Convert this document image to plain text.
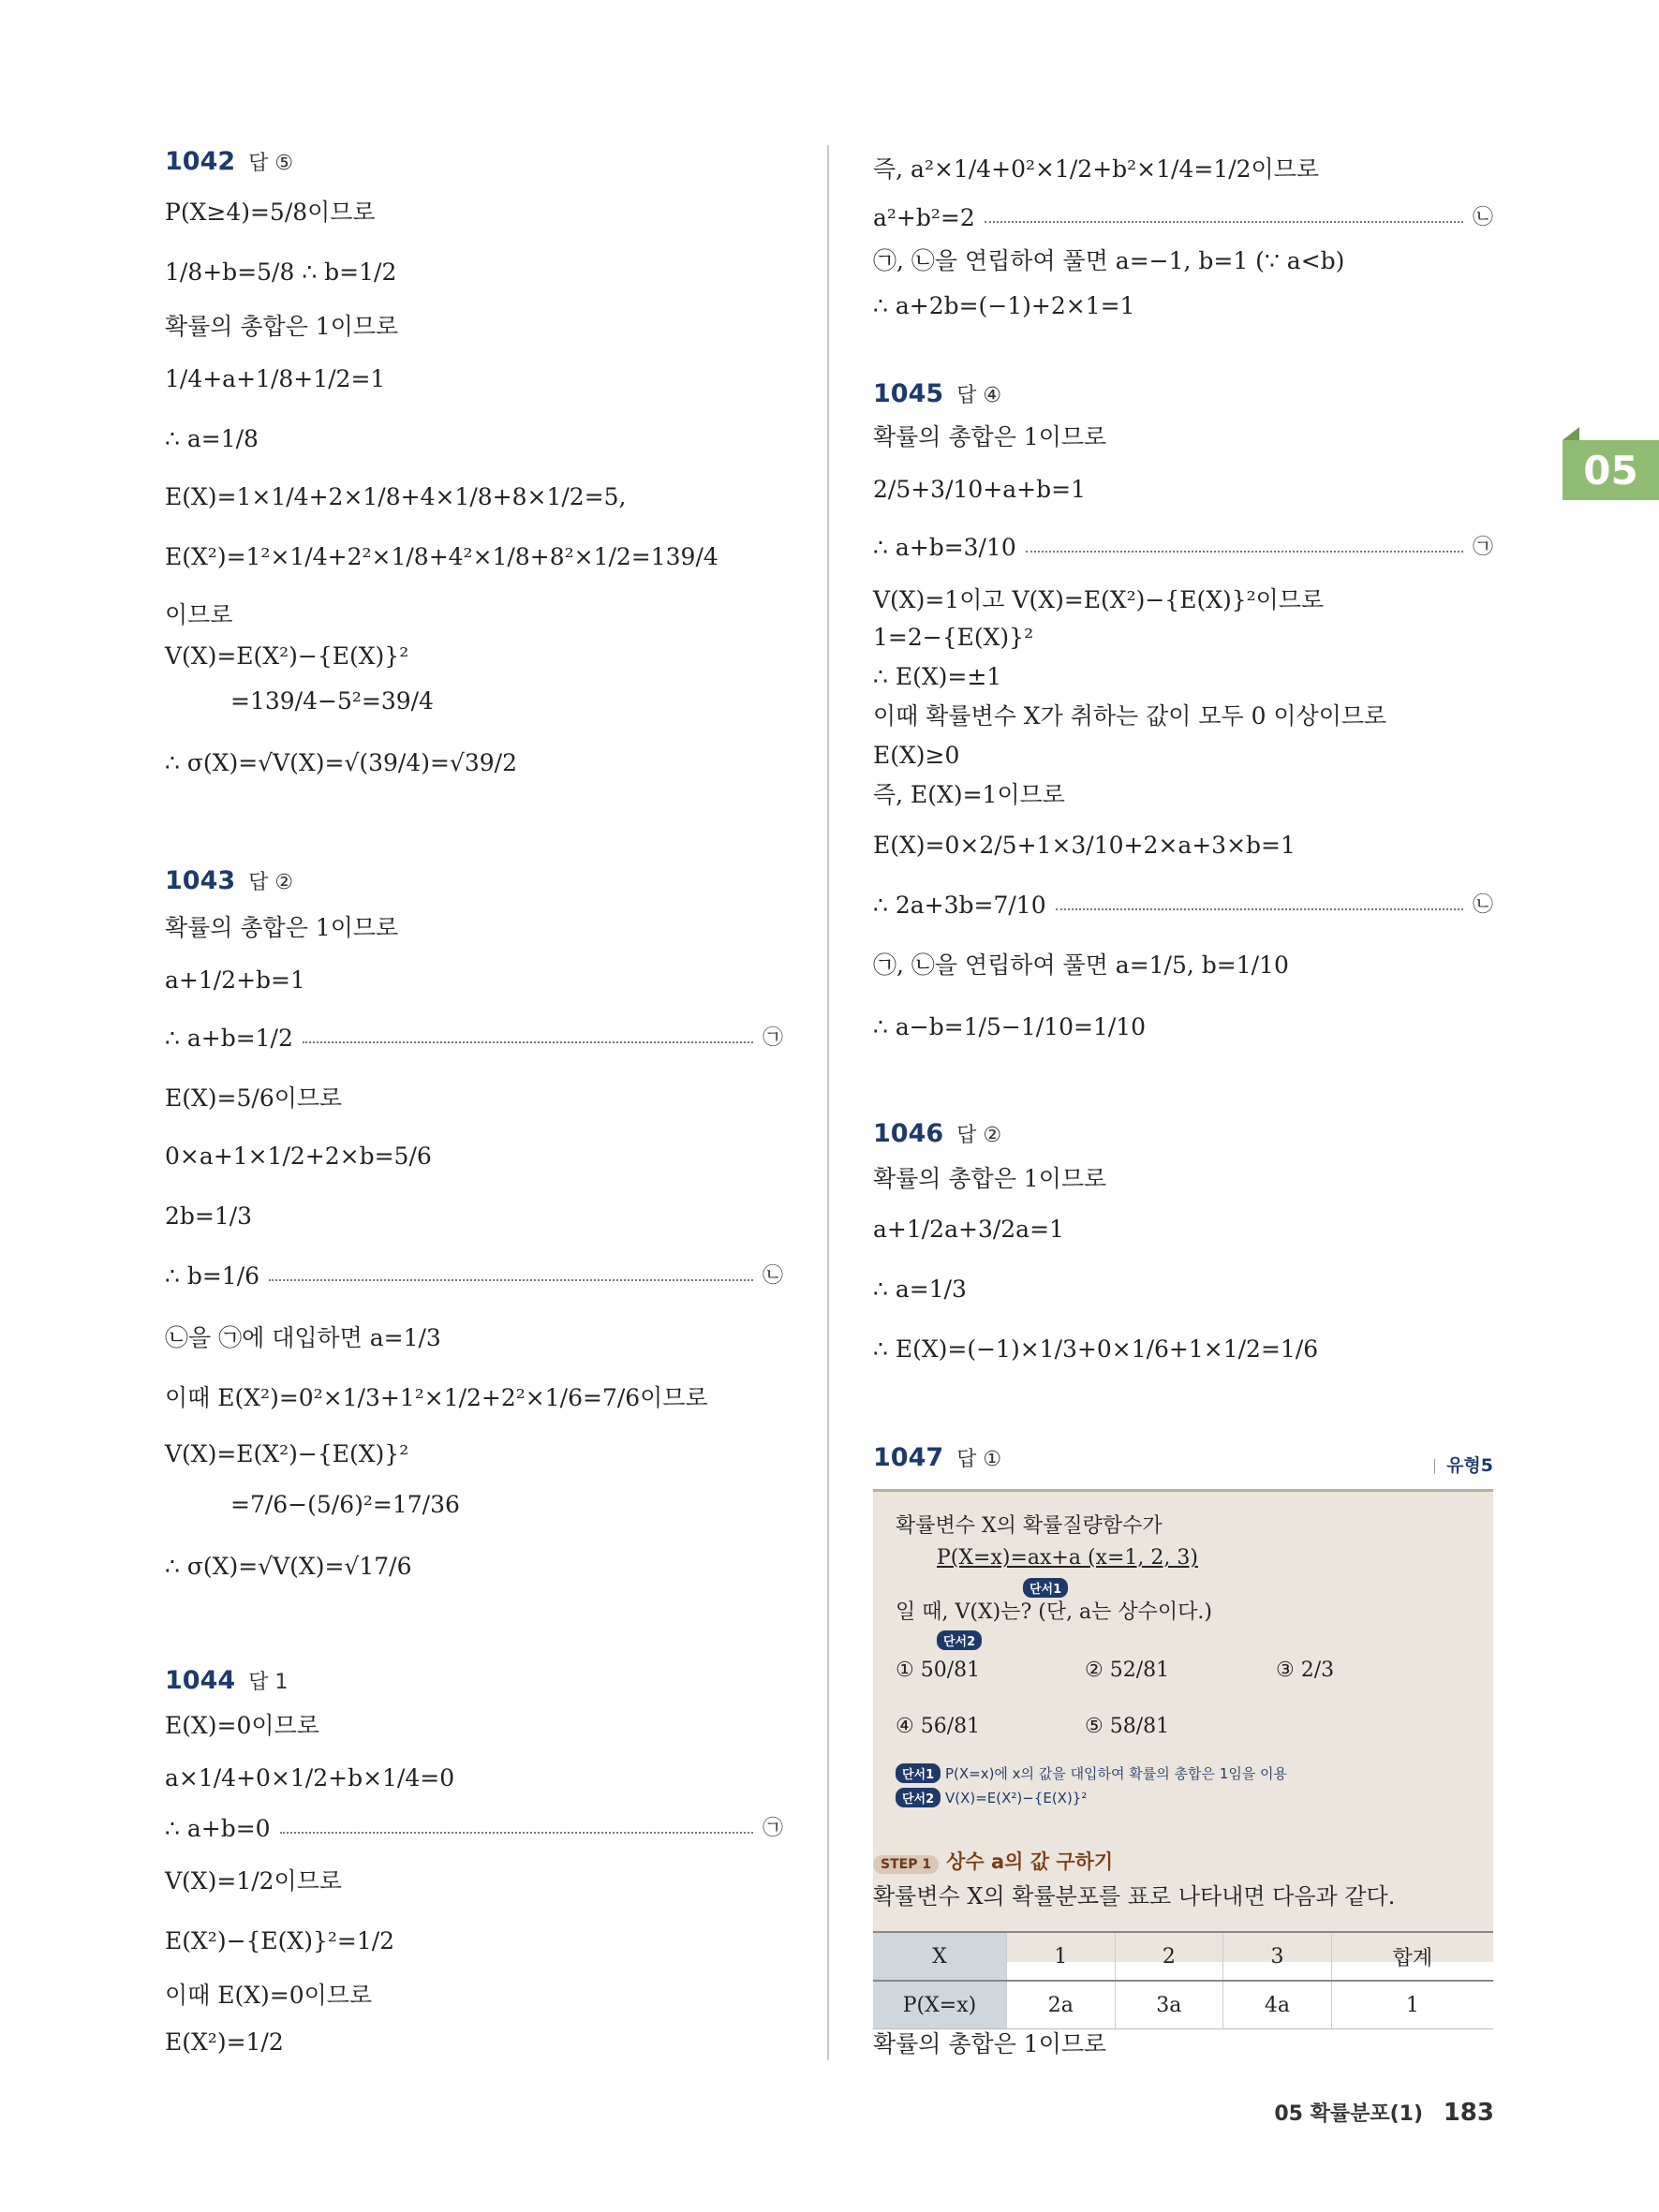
05
1042 답 ⑤
P(X≥4)=5/8이므로
1/8+b=5/8 ∴ b=1/2
확률의 총합은 1이므로
1/4+a+1/8+1/2=1
∴ a=1/8
E(X)=1×1/4+2×1/8+4×1/8+8×1/2=5,
E(X²)=1²×1/4+2²×1/8+4²×1/8+8²×1/2=139/4
이므로
V(X)=E(X²)−{E(X)}²
=139/4−5²=39/4
∴ σ(X)=√V(X)=√(39/4)=√39/2
1043 답 ②
확률의 총합은 1이므로
a+1/2+b=1
∴ a+b=1/2	㉠
E(X)=5/6이므로
0×a+1×1/2+2×b=5/6
2b=1/3
∴ b=1/6	㉡
㉡을 ㉠에 대입하면 a=1/3
이때 E(X²)=0²×1/3+1²×1/2+2²×1/6=7/6이므로
V(X)=E(X²)−{E(X)}²
=7/6−(5/6)²=17/36
∴ σ(X)=√V(X)=√17/6
1044 답 1
E(X)=0이므로
a×1/4+0×1/2+b×1/4=0
∴ a+b=0	㉠
V(X)=1/2이므로
E(X²)−{E(X)}²=1/2
이때 E(X)=0이므로
E(X²)=1/2
즉, a²×1/4+0²×1/2+b²×1/4=1/2이므로
a²+b²=2	㉡
㉠, ㉡을 연립하여 풀면 a=−1, b=1 (∵ a<b)
∴ a+2b=(−1)+2×1=1
1045 답 ④
확률의 총합은 1이므로
2/5+3/10+a+b=1
∴ a+b=3/10	㉠
V(X)=1이고 V(X)=E(X²)−{E(X)}²이므로
1=2−{E(X)}²
∴ E(X)=±1
이때 확률변수 X가 취하는 값이 모두 0 이상이므로
E(X)≥0
즉, E(X)=1이므로
E(X)=0×2/5+1×3/10+2×a+3×b=1
∴ 2a+3b=7/10	㉡
㉠, ㉡을 연립하여 풀면 a=1/5, b=1/10
∴ a−b=1/5−1/10=1/10
1046 답 ②
확률의 총합은 1이므로
a+1/2a+3/2a=1
∴ a=1/3
∴ E(X)=(−1)×1/3+0×1/6+1×1/2=1/6
1047 답 ①	유형5
확률변수 X의 확률질량함수가
P(X=x)=ax+a (x=1, 2, 3)
단서1
일 때, V(X)는? (단, a는 상수이다.)
단서2
① 50/81	② 52/81	③ 2/3
④ 56/81	⑤ 58/81
단서1 P(X=x)에 x의 값을 대입하여 확률의 총합은 1임을 이용
단서2 V(X)=E(X²)−{E(X)}²
STEP 1 상수 a의 값 구하기
확률변수 X의 확률분포를 표로 나타내면 다음과 같다.
X	1	2	3	합계
P(X=x)	2a	3a	4a	1
확률의 총합은 1이므로
05 확률분포(1) 183
